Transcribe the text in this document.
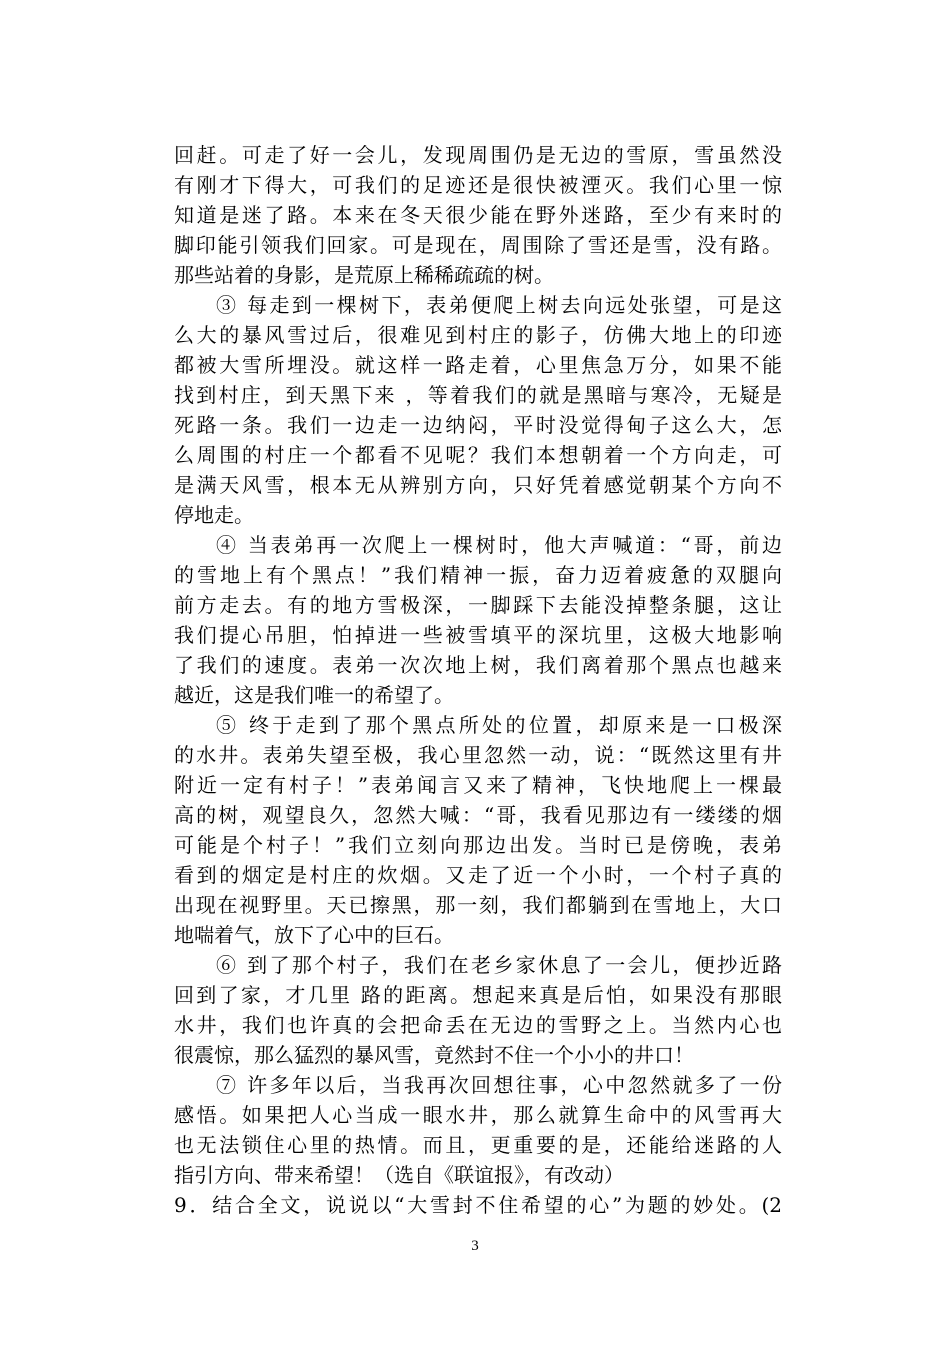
回赶。可走了好一会儿，发现周围仍是无边的雪原，雪虽然没
有刚才下得大，可我们的足迹还是很快被湮灭。我们心里一惊
知道是迷了路。本来在冬天很少能在野外迷路，至少有来时的
脚印能引领我们回家。可是现在，周围除了雪还是雪，没有路。
那些站着的身影，是荒原上稀稀疏疏的树。
③ 每走到一棵树下，表弟便爬上树去向远处张望，可是这
么大的暴风雪过后，很难见到村庄的影子，仿佛大地上的印迹
都被大雪所埋没。就这样一路走着，心里焦急万分，如果不能
找到村庄，到天黑下来 ，等着我们的就是黑暗与寒冷，无疑是
死路一条。我们一边走一边纳闷，平时没觉得甸子这么大，怎
么周围的村庄一个都看不见呢？我们本想朝着一个方向走，可
是满天风雪，根本无从辨别方向，只好凭着感觉朝某个方向不
停地走。
④ 当表弟再一次爬上一棵树时，他大声喊道：“哥，前边
的雪地上有个黑点！”我们精神一振，奋力迈着疲惫的双腿向
前方走去。有的地方雪极深，一脚踩下去能没掉整条腿，这让
我们提心吊胆，怕掉进一些被雪填平的深坑里，这极大地影响
了我们的速度。表弟一次次地上树，我们离着那个黑点也越来
越近，这是我们唯一的希望了。
⑤ 终于走到了那个黑点所处的位置，却原来是一口极深
的水井。表弟失望至极，我心里忽然一动，说：“既然这里有井
附近一定有村子！”表弟闻言又来了精神，飞快地爬上一棵最
高的树，观望良久，忽然大喊：“哥，我看见那边有一缕缕的烟
可能是个村子！”我们立刻向那边出发。当时已是傍晚，表弟
看到的烟定是村庄的炊烟。又走了近一个小时，一个村子真的
出现在视野里。天已擦黑，那一刻，我们都躺到在雪地上，大口
地喘着气，放下了心中的巨石。
⑥ 到了那个村子，我们在老乡家休息了一会儿，便抄近路
回到了家，才几里 路的距离。想起来真是后怕，如果没有那眼
水井，我们也许真的会把命丢在无边的雪野之上。当然内心也
很震惊，那么猛烈的暴风雪，竟然封不住一个小小的井口！
⑦ 许多年以后，当我再次回想往事，心中忽然就多了一份
感悟。如果把人心当成一眼水井，那么就算生命中的风雪再大
也无法锁住心里的热情。而且，更重要的是，还能给迷路的人
指引方向、带来希望！（选自《联谊报》，有改动）
9．结合全文，说说以“大雪封不住希望的心”为题的妙处。(2
3
